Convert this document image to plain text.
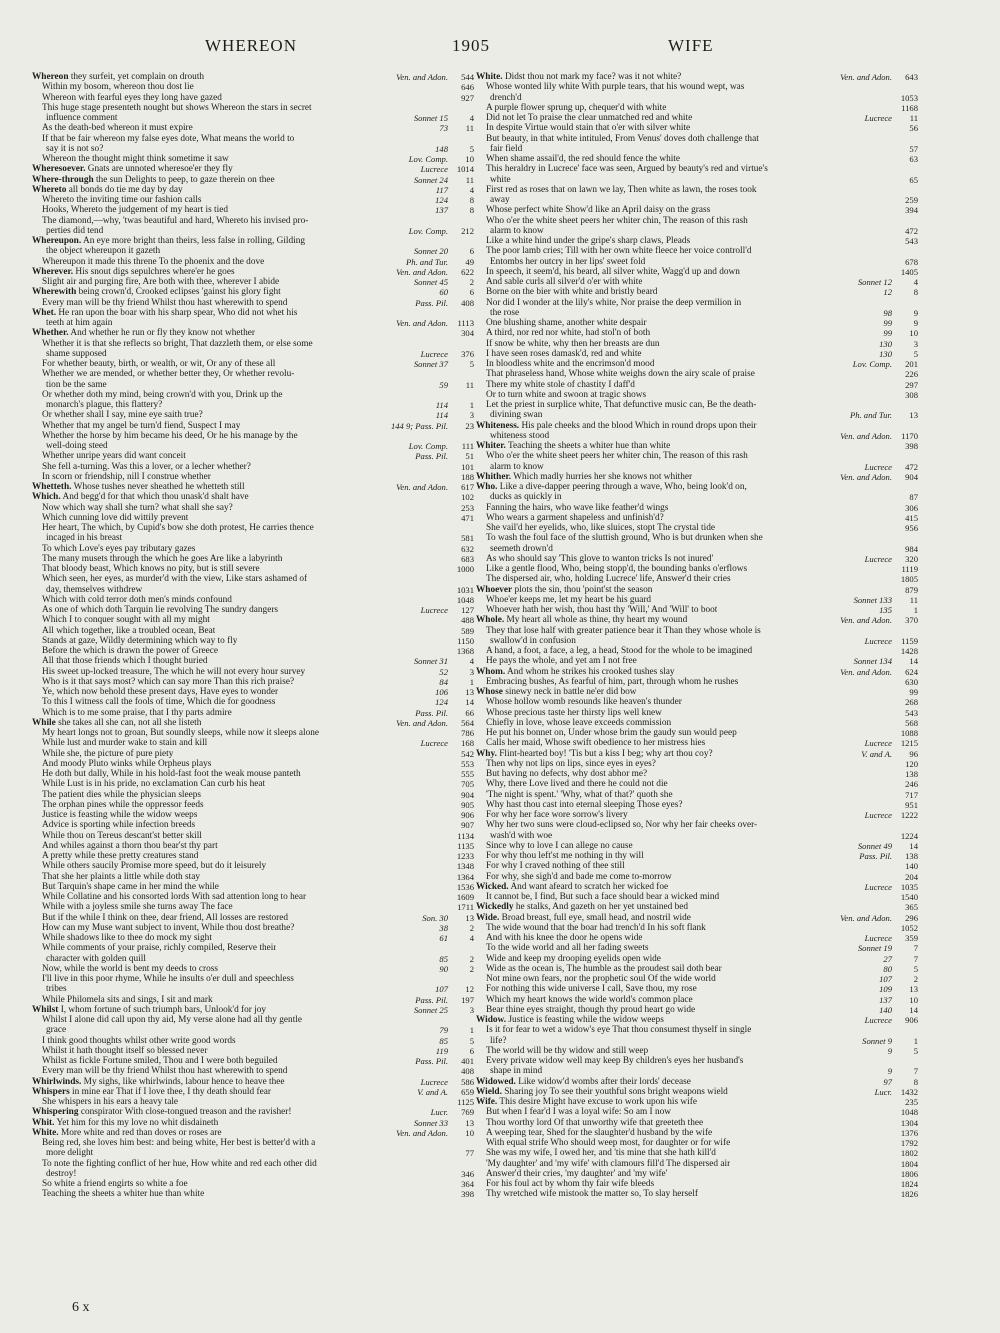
WHEREON	1905	WIFE
Whereon they surfeit, yet complain on drouth	Ven. and Adon.	544
Within my bosom, whereon thou dost lie	646
Whereon with fearful eyes they long have gazed	927
This huge stage presenteth nought but shows Whereon the stars in secret
influence comment	Sonnet 15	4
As the death-bed whereon it must expire	73	11
If that be fair whereon my false eyes dote, What means the world to
say it is not so?	148	5
Whereon the thought might think sometime it saw	Lov. Comp.	10
Wheresoever. Gnats are unnoted wheresoe'er they fly	Lucrece	1014
Where-through the sun Delights to peep, to gaze therein on thee	Sonnet 24	11
Whereto all bonds do tie me day by day	117	4
Whereto the inviting time our fashion calls	124	8
Hooks, Whereto the judgement of my heart is tied	137	8
The diamond,—why, 'twas beautiful and hard, Whereto his invised pro-
perties did tend	Lov. Comp.	212
Whereupon. An eye more bright than theirs, less false in rolling, Gilding
the object whereupon it gazeth	Sonnet 20	6
Whereupon it made this threne To the phoenix and the dove	Ph. and Tur.	49
Wherever. His snout digs sepulchres where'er he goes	Ven. and Adon.	622
Slight air and purging fire, Are both with thee, wherever I abide	Sonnet 45	2
Wherewith being crown'd, Crooked eclipses 'gainst his glory fight	60	6
Every man will be thy friend Whilst thou hast wherewith to spend	Pass. Pil.	408
Whet. He ran upon the boar with his sharp spear, Who did not whet his
teeth at him again	Ven. and Adon.	1113
Whether. And whether he run or fly they know not whether	304
Whether it is that she reflects so bright, That dazzleth them, or else some
shame supposed	Lucrece	376
For whether beauty, birth, or wealth, or wit, Or any of these all	Sonnet 37	5
Whether we are mended, or whether better they, Or whether revolu-
tion be the same	59	11
Or whether doth my mind, being crown'd with you, Drink up the
monarch's plague, this flattery?	114	1
Or whether shall I say, mine eye saith true?	114	3
Whether that my angel be turn'd fiend, Suspect I may	144 9; Pass. Pil.	23
Whether the horse by him became his deed, Or he his manage by the
well-doing steed	Lov. Comp.	111
Whether unripe years did want conceit	Pass. Pil.	51
She fell a-turning. Was this a lover, or a lecher whether?	101
In scorn or friendship, nill I construe whether	188
Whetteth. Whose tushes never sheathed he whetteth still	Ven. and Adon.	617
Which. And begg'd for that which thou unask'd shalt have	102
Now which way shall she turn? what shall she say?	253
Which cunning love did wittily prevent	471
Her heart, The which, by Cupid's bow she doth protest, He carries thence
incaged in his breast	581
To which Love's eyes pay tributary gazes	632
The many musets through the which he goes Are like a labyrinth	683
That bloody beast, Which knows no pity, but is still severe	1000
Which seen, her eyes, as murder'd with the view, Like stars ashamed of
day, themselves withdrew	1031
Which with cold terror doth men's minds confound	1048
As one of which doth Tarquin lie revolving The sundry dangers	Lucrece	127
Which I to conquer sought with all my might	488
All which together, like a troubled ocean, Beat	589
Stands at gaze, Wildly determining which way to fly	1150
Before the which is drawn the power of Greece	1368
All that those friends which I thought buried	Sonnet 31	4
His sweet up-locked treasure, The which he will not every hour survey	52	3
Who is it that says most? which can say more Than this rich praise?	84	1
Ye, which now behold these present days, Have eyes to wonder	106	13
To this I witness call the fools of time, Which die for goodness	124	14
Which is to me some praise, that I thy parts admire	Pass. Pil.	66
While she takes all she can, not all she listeth	Ven. and Adon.	564
My heart longs not to groan, But soundly sleeps, while now it sleeps alone	786
While lust and murder wake to stain and kill	Lucrece	168
While she, the picture of pure piety	542
And moody Pluto winks while Orpheus plays	553
He doth but dally, While in his hold-fast foot the weak mouse panteth	555
While Lust is in his pride, no exclamation Can curb his heat	705
The patient dies while the physician sleeps	904
The orphan pines while the oppressor feeds	905
Justice is feasting while the widow weeps	906
Advice is sporting while infection breeds	907
While thou on Tereus descant'st better skill	1134
And whiles against a thorn thou bear'st thy part	1135
A pretty while these pretty creatures stand	1233
While others saucily Promise more speed, but do it leisurely	1348
That she her plaints a little while doth stay	1364
But Tarquin's shape came in her mind the while	1536
While Collatine and his consorted lords With sad attention long to hear	1609
While with a joyless smile she turns away The face	1711
But if the while I think on thee, dear friend, All losses are restored	Son. 30	13
How can my Muse want subject to invent, While thou dost breathe?	38	2
While shadows like to thee do mock my sight	61	4
While comments of your praise, richly compiled, Reserve their
character with golden quill	85	2
Now, while the world is bent my deeds to cross	90	2
I'll live in this poor rhyme, While he insults o'er dull and speechless
tribes	107	12
While Philomela sits and sings, I sit and mark	Pass. Pil.	197
Whilst I, whom fortune of such triumph bars, Unlook'd for joy	Sonnet 25	3
Whilst I alone did call upon thy aid, My verse alone had all thy gentle
grace	79	1
I think good thoughts whilst other write good words	85	5
Whilst it hath thought itself so blessed never	119	6
Whilst as fickle Fortune smiled, Thou and I were both beguiled	Pass. Pil.	401
Every man will be thy friend Whilst thou hast wherewith to spend	408
Whirlwinds. My sighs, like whirlwinds, labour hence to heave thee	Lucrece	586
Whispers in mine ear That if I love thee, I thy death should fear	V. and A.	659
She whispers in his ears a heavy tale	1125
Whispering conspirator With close-tongued treason and the ravisher!	Lucr.	769
Whit. Yet him for this my love no whit disdaineth	Sonnet 33	13
White. More white and red than doves or roses are	Ven. and Adon.	10
Being red, she loves him best: and being white, Her best is better'd with a
more delight	77
To note the fighting conflict of her hue, How white and red each other did
destroy!	346
So white a friend engirts so white a foe	364
Teaching the sheets a whiter hue than white	398
White. Didst thou not mark my face? was it not white?	Ven. and Adon.	643
Whose wonted lily white With purple tears, that his wound wept, was
drench'd	1053
A purple flower sprung up, chequer'd with white	1168
Did not let To praise the clear unmatched red and white	Lucrece	11
In despite Virtue would stain that o'er with silver white	56
But beauty, in that white intituled, From Venus' doves doth challenge that
fair field	57
When shame assail'd, the red should fence the white	63
This heraldry in Lucrece' face was seen, Argued by beauty's red and virtue's
white	65
First red as roses that on lawn we lay, Then white as lawn, the roses took
away	259
Whose perfect white Show'd like an April daisy on the grass	394
Who o'er the white sheet peers her whiter chin, The reason of this rash
alarm to know	472
Like a white hind under the gripe's sharp claws, Pleads	543
The poor lamb cries; Till with her own white fleece her voice controll'd
Entombs her outcry in her lips' sweet fold	678
In speech, it seem'd, his beard, all silver white, Wagg'd up and down	1405
And sable curls all silver'd o'er with white	Sonnet 12	4
Borne on the bier with white and bristly beard	12	8
Nor did I wonder at the lily's white, Nor praise the deep vermilion in
the rose	98	9
One blushing shame, another white despair	99	9
A third, nor red nor white, had stol'n of both	99	10
If snow be white, why then her breasts are dun	130	3
I have seen roses damask'd, red and white	130	5
In bloodless white and the encrimson'd mood	Lov. Comp.	201
That phraseless hand, Whose white weighs down the airy scale of praise	226
There my white stole of chastity I daff'd	297
Or to turn white and swoon at tragic shows	308
Let the priest in surplice white, That defunctive music can, Be the death-
divining swan	Ph. and Tur.	13
Whiteness. His pale cheeks and the blood Which in round drops upon their
whiteness stood	Ven. and Adon.	1170
Whiter. Teaching the sheets a whiter hue than white	398
Who o'er the white sheet peers her whiter chin, The reason of this rash
alarm to know	Lucrece	472
Whither. Which madly hurries her she knows not whither	Ven. and Adon.	904
Who. Like a dive-dapper peering through a wave, Who, being look'd on,
ducks as quickly in	87
Fanning the hairs, who wave like feather'd wings	306
Who wears a garment shapeless and unfinish'd?	415
She vail'd her eyelids, who, like sluices, stopt The crystal tide	956
To wash the foul face of the sluttish ground, Who is but drunken when she
seemeth drown'd	984
As who should say 'This glove to wanton tricks Is not inured'	Lucrece	320
Like a gentle flood, Who, being stopp'd, the bounding banks o'erflows	1119
The dispersed air, who, holding Lucrece' life, Answer'd their cries	1805
Whoever plots the sin, thou 'point'st the season	879
Whoe'er keeps me, let my heart be his guard	Sonnet 133	11
Whoever hath her wish, thou hast thy 'Will,' And 'Will' to boot	135	1
Whole. My heart all whole as thine, thy heart my wound	Ven. and Adon.	370
They that lose half with greater patience bear it Than they whose whole is
swallow'd in confusion	Lucrece	1159
A hand, a foot, a face, a leg, a head, Stood for the whole to be imagined	1428
He pays the whole, and yet am I not free	Sonnet 134	14
Whom. And whom he strikes his crooked tushes slay	Ven. and Adon.	624
Embracing bushes, As fearful of him, part, through whom he rushes	630
Whose sinewy neck in battle ne'er did bow	99
Whose hollow womb resounds like heaven's thunder	268
Whose precious taste her thirsty lips well knew	543
Chiefly in love, whose leave exceeds commission	568
He put his bonnet on, Under whose brim the gaudy sun would peep	1088
Calls her maid, Whose swift obedience to her mistress hies	Lucrece	1215
Why. Flint-hearted boy! 'Tis but a kiss I beg; why art thou coy?	V. and A.	96
Then why not lips on lips, since eyes in eyes?	120
But having no defects, why dost abhor me?	138
Why, there Love lived and there he could not die	246
'The night is spent.' 'Why, what of that?' quoth she	717
Why hast thou cast into eternal sleeping Those eyes?	951
For why her face wore sorrow's livery	Lucrece	1222
Why her two suns were cloud-eclipsed so, Nor why her fair cheeks over-
wash'd with woe	1224
Since why to love I can allege no cause	Sonnet 49	14
For why thou left'st me nothing in thy will	Pass. Pil.	138
For why I craved nothing of thee still	140
For why, she sigh'd and bade me come to-morrow	204
Wicked. And want afeard to scratch her wicked foe	Lucrece	1035
It cannot be, I find, But such a face should bear a wicked mind	1540
Wickedly he stalks, And gazeth on her yet unstained bed	365
Wide. Broad breast, full eye, small head, and nostril wide	Ven. and Adon.	296
The wide wound that the boar had trench'd In his soft flank	1052
And with his knee the door he opens wide	Lucrece	359
To the wide world and all her fading sweets	Sonnet 19	7
Wide and keep my drooping eyelids open wide	27	7
Wide as the ocean is, The humble as the proudest sail doth bear	80	5
Not mine own fears, nor the prophetic soul Of the wide world	107	2
For nothing this wide universe I call, Save thou, my rose	109	13
Which my heart knows the wide world's common place	137	10
Bear thine eyes straight, though thy proud heart go wide	140	14
Widow. Justice is feasting while the widow weeps	Lucrece	906
Is it for fear to wet a widow's eye That thou consumest thyself in single
life?	Sonnet 9	1
The world will be thy widow and still weep	9	5
Every private widow well may keep By children's eyes her husband's
shape in mind	9	7
Widowed. Like widow'd wombs after their lords' decease	97	8
Wield. Sharing joy To see their youthful sons bright weapons wield	Lucr.	1432
Wife. This desire Might have excuse to work upon his wife	235
But when I fear'd I was a loyal wife: So am I now	1048
Thou worthy lord Of that unworthy wife that greeteth thee	1304
A weeping tear, Shed for the slaughter'd husband by the wife	1376
With equal strife Who should weep most, for daughter or for wife	1792
She was my wife, I owed her, and 'tis mine that she hath kill'd	1802
'My daughter' and 'my wife' with clamours fill'd The dispersed air	1804
Answer'd their cries, 'my daughter' and 'my wife'	1806
For his foul act by whom thy fair wife bleeds	1824
Thy wretched wife mistook the matter so, To slay herself	1826
6 x
